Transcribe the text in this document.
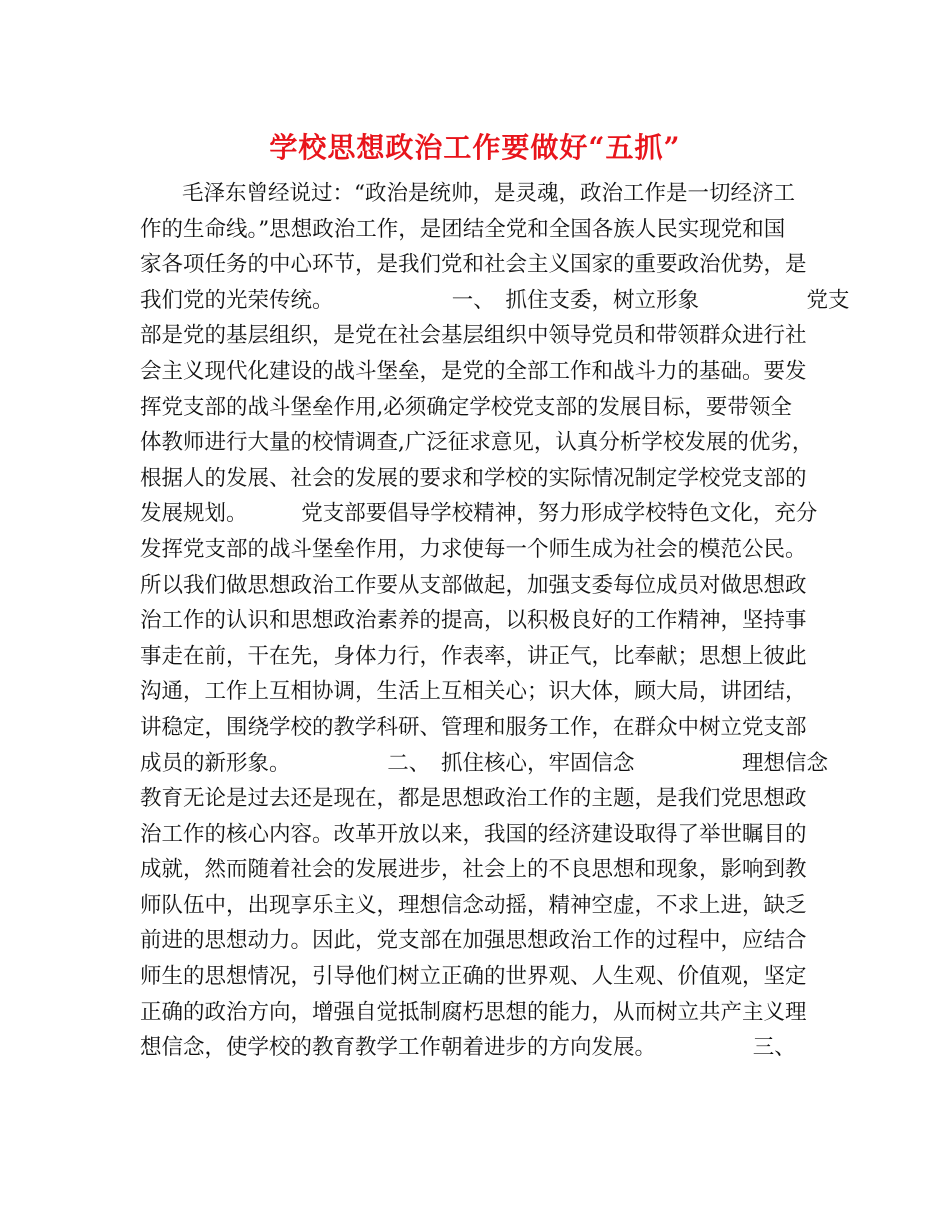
学校思想政治工作要做好“五抓”
毛泽东曾经说过：“政治是统帅，是灵魂，政治工作是一切经济工
作的生命线。”思想政治工作，是团结全党和全国各族人民实现党和国
家各项任务的中心环节，是我们党和社会主义国家的重要政治优势，是
我们党的光荣传统。　　　　　　一、　抓住支委，树立形象　　　　　党支
部是党的基层组织，是党在社会基层组织中领导党员和带领群众进行社
会主义现代化建设的战斗堡垒，是党的全部工作和战斗力的基础。要发
挥党支部的战斗堡垒作用,必须确定学校党支部的发展目标，要带领全
体教师进行大量的校情调查,广泛征求意见，认真分析学校发展的优劣，
根据人的发展、社会的发展的要求和学校的实际情况制定学校党支部的
发展规划。　　　党支部要倡导学校精神，努力形成学校特色文化，充分
发挥党支部的战斗堡垒作用，力求使每一个师生成为社会的模范公民。
所以我们做思想政治工作要从支部做起，加强支委每位成员对做思想政
治工作的认识和思想政治素养的提高，以积极良好的工作精神，坚持事
事走在前，干在先，身体力行，作表率，讲正气，比奉献；思想上彼此
沟通，工作上互相协调，生活上互相关心；识大体，顾大局，讲团结，
讲稳定，围绕学校的教学科研、管理和服务工作，在群众中树立党支部
成员的新形象。　　　　　二、　抓住核心，牢固信念　　　　　理想信念
教育无论是过去还是现在，都是思想政治工作的主题，是我们党思想政
治工作的核心内容。改革开放以来，我国的经济建设取得了举世瞩目的
成就，然而随着社会的发展进步，社会上的不良思想和现象，影响到教
师队伍中，出现享乐主义，理想信念动摇，精神空虚，不求上进，缺乏
前进的思想动力。因此，党支部在加强思想政治工作的过程中，应结合
师生的思想情况，引导他们树立正确的世界观、人生观、价值观，坚定
正确的政治方向，增强自觉抵制腐朽思想的能力，从而树立共产主义理
想信念，使学校的教育教学工作朝着进步的方向发展。　　　　　三、
